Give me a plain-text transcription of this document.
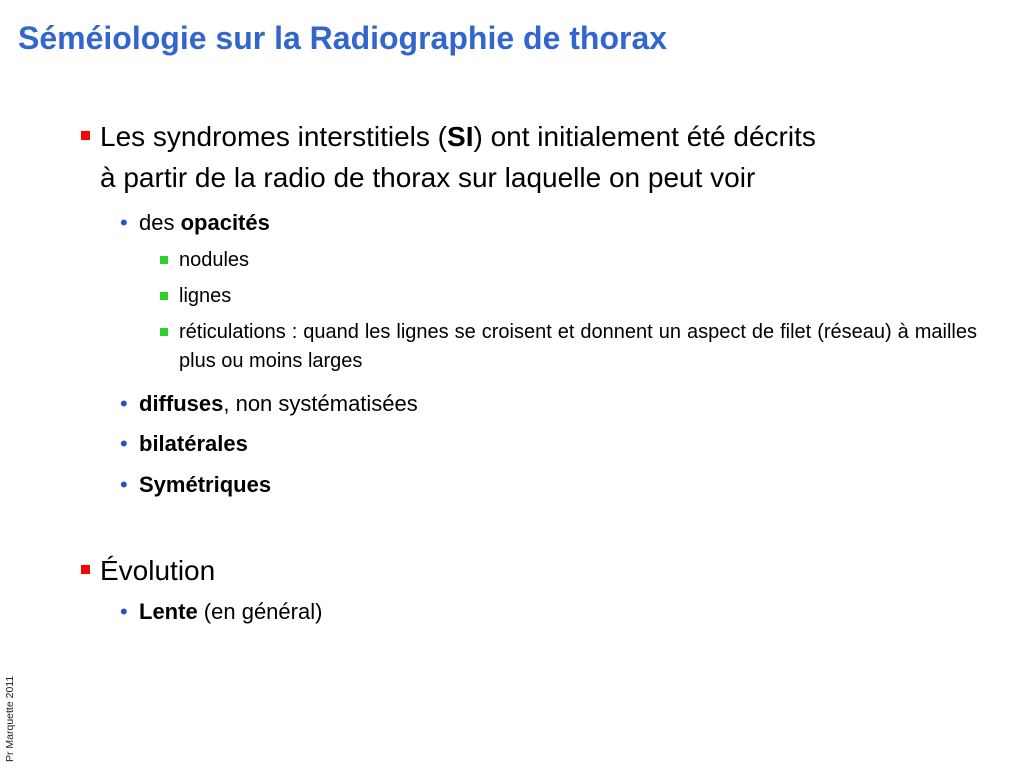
Séméiologie sur la Radiographie de thorax

Les syndromes interstitiels (SI) ont initialement été décrits

à partir de la radio de thorax sur laquelle on peut voir

• des opacités

nodules

lignes

réticulations : quand les lignes se croisent et donnent un aspect de filet (réseau) à mailles plus ou moins larges

• diffuses, non systématisées

• bilatérales

• Symétriques

Évolution

• Lente (en général)

Pr Marquette 2011
